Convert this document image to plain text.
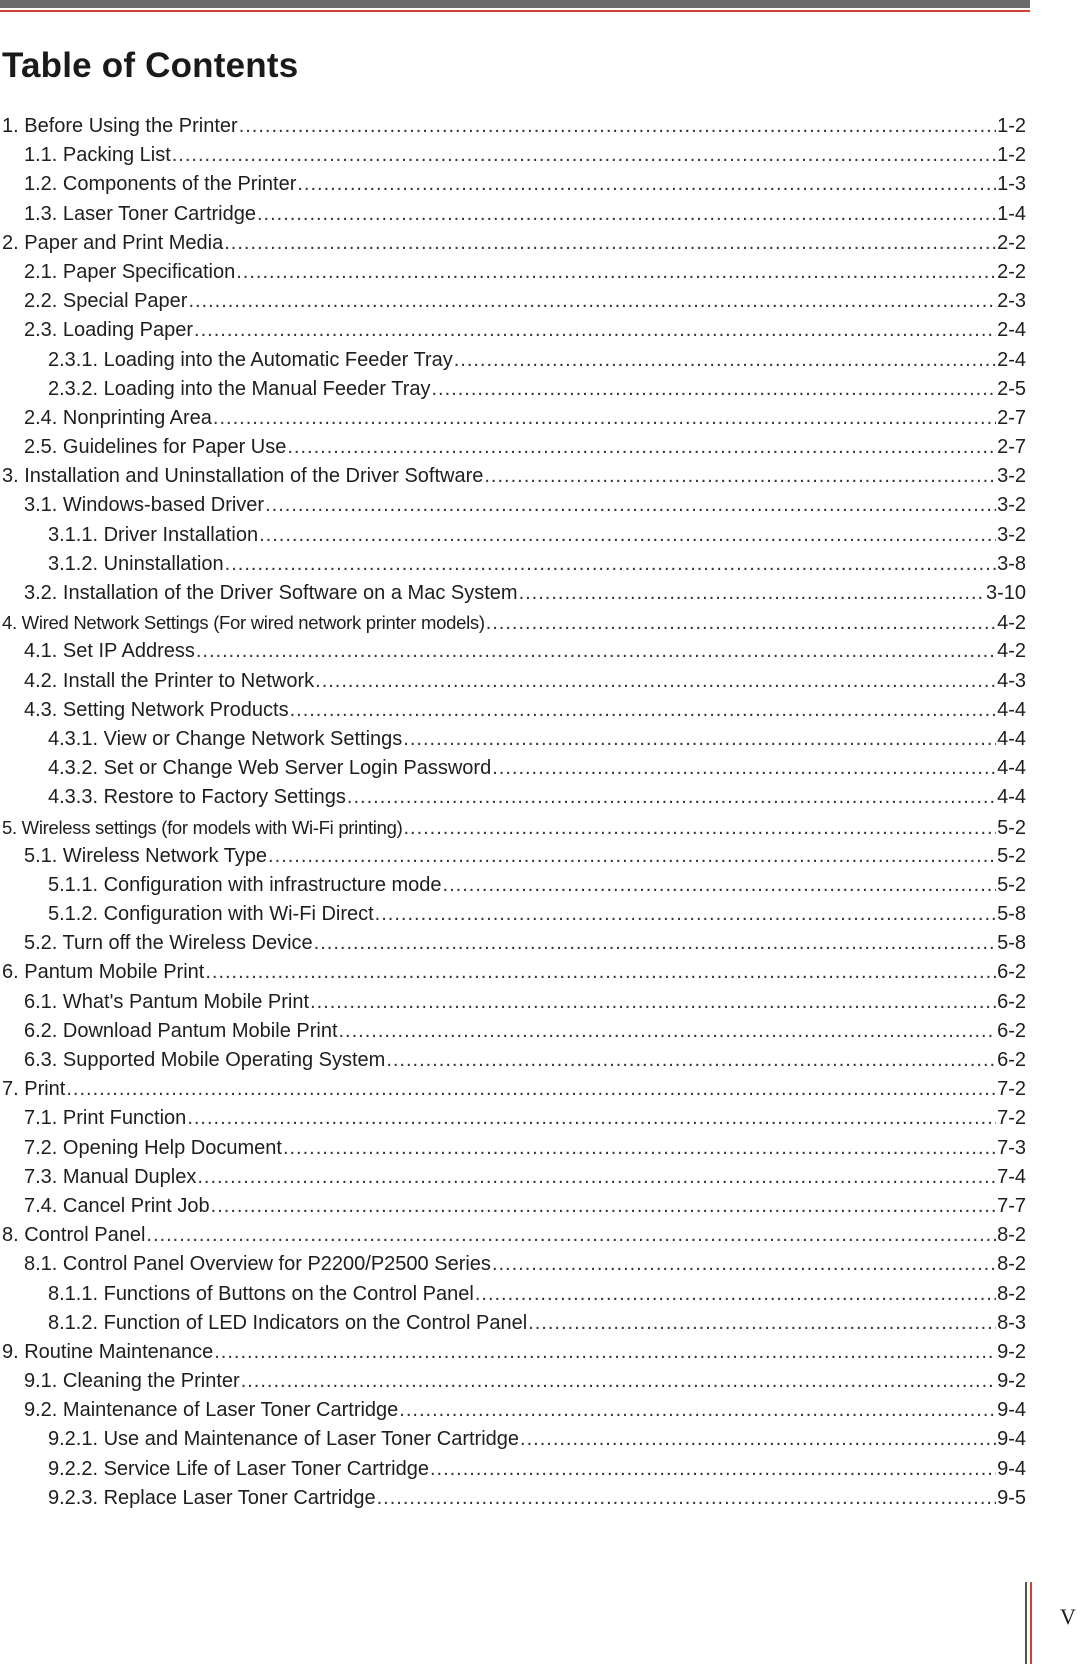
Table of Contents
1. Before Using the Printer .....	1-2
1.1. Packing List .....	1-2
1.2. Components of the Printer .....	1-3
1.3. Laser Toner Cartridge .....	1-4
2. Paper and Print Media .....	2-2
2.1. Paper Specification .....	2-2
2.2. Special Paper .....	2-3
2.3. Loading Paper .....	2-4
2.3.1. Loading into the Automatic Feeder Tray .....	2-4
2.3.2. Loading into the Manual Feeder Tray .....	2-5
2.4. Nonprinting Area .....	2-7
2.5. Guidelines for Paper Use .....	2-7
3. Installation and Uninstallation of the Driver Software .....	3-2
3.1. Windows-based Driver .....	3-2
3.1.1. Driver Installation .....	3-2
3.1.2. Uninstallation .....	3-8
3.2. Installation of the Driver Software on a Mac System .....	3-10
4. Wired Network Settings (For wired network printer models) .....	4-2
4.1. Set IP Address .....	4-2
4.2. Install the Printer to Network .....	4-3
4.3. Setting Network Products .....	4-4
4.3.1. View or Change Network Settings .....	4-4
4.3.2. Set or Change Web Server Login Password .....	4-4
4.3.3. Restore to Factory Settings .....	4-4
5. Wireless settings (for models with Wi-Fi printing) .....	5-2
5.1. Wireless Network Type .....	5-2
5.1.1. Configuration with infrastructure mode .....	5-2
5.1.2. Configuration with Wi-Fi Direct .....	5-8
5.2. Turn off the Wireless Device .....	5-8
6. Pantum Mobile Print .....	6-2
6.1. What's Pantum Mobile Print .....	6-2
6.2. Download Pantum Mobile Print .....	6-2
6.3. Supported Mobile Operating System .....	6-2
7. Print .....	7-2
7.1. Print Function .....	7-2
7.2. Opening Help Document .....	7-3
7.3. Manual Duplex .....	7-4
7.4. Cancel Print Job .....	7-7
8. Control Panel .....	8-2
8.1. Control Panel Overview for P2200/P2500 Series .....	8-2
8.1.1. Functions of Buttons on the Control Panel .....	8-2
8.1.2. Function of LED Indicators on the Control Panel .....	8-3
9. Routine Maintenance .....	9-2
9.1. Cleaning the Printer .....	9-2
9.2. Maintenance of Laser Toner Cartridge .....	9-4
9.2.1. Use and Maintenance of Laser Toner Cartridge .....	9-4
9.2.2. Service Life of Laser Toner Cartridge .....	9-4
9.2.3. Replace Laser Toner Cartridge .....	9-5
V
